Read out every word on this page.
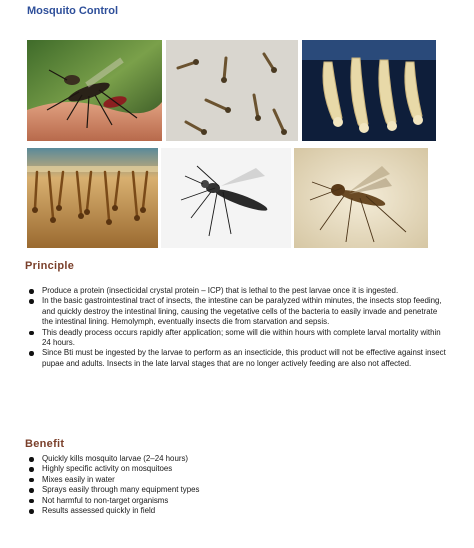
Mosquito Control
Principle
Produce a protein (insecticidal crystal protein – ICP) that is lethal to the pest larvae once it is ingested.
In the basic gastrointestinal tract of insects, the intestine can be paralyzed within minutes, the insects stop feeding, and quickly destroy the intestinal lining, causing the vegetative cells of the bacteria to easily invade and penetrate the intestinal lining. Hemolymph, eventually insects die from starvation and sepsis.
This deadly process occurs rapidly after application; some will die within hours with complete larval mortality within 24 hours.
Since Bti must be ingested by the larvae to perform as an insecticide, this product will not be effective against insect pupae and adults. Insects in the late larval stages that are no longer actively feeding are also not affected.
Benefit
Quickly kills mosquito larvae (2–24 hours)
Highly specific activity on mosquitoes
Mixes easily in water
Sprays easily through many equipment types
Not harmful to non-target organisms
Results assessed quickly in field
